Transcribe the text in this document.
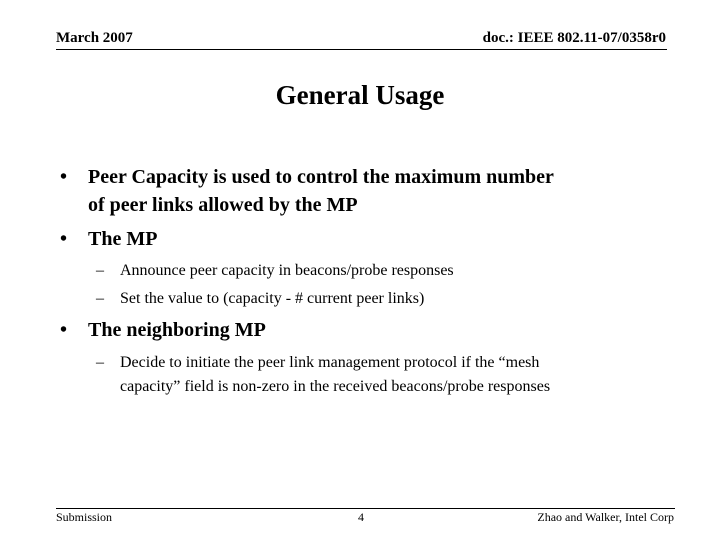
March 2007	doc.: IEEE 802.11-07/0358r0
General Usage
• Peer Capacity is used to control the maximum number
of peer links allowed by the MP
• The MP
– Announce peer capacity in beacons/probe responses
– Set the value to (capacity - # current peer links)
• The neighboring MP
– Decide to initiate the peer link management protocol if the “mesh
capacity” field is non-zero in the received beacons/probe responses
Submission	4	Zhao and Walker, Intel Corp
